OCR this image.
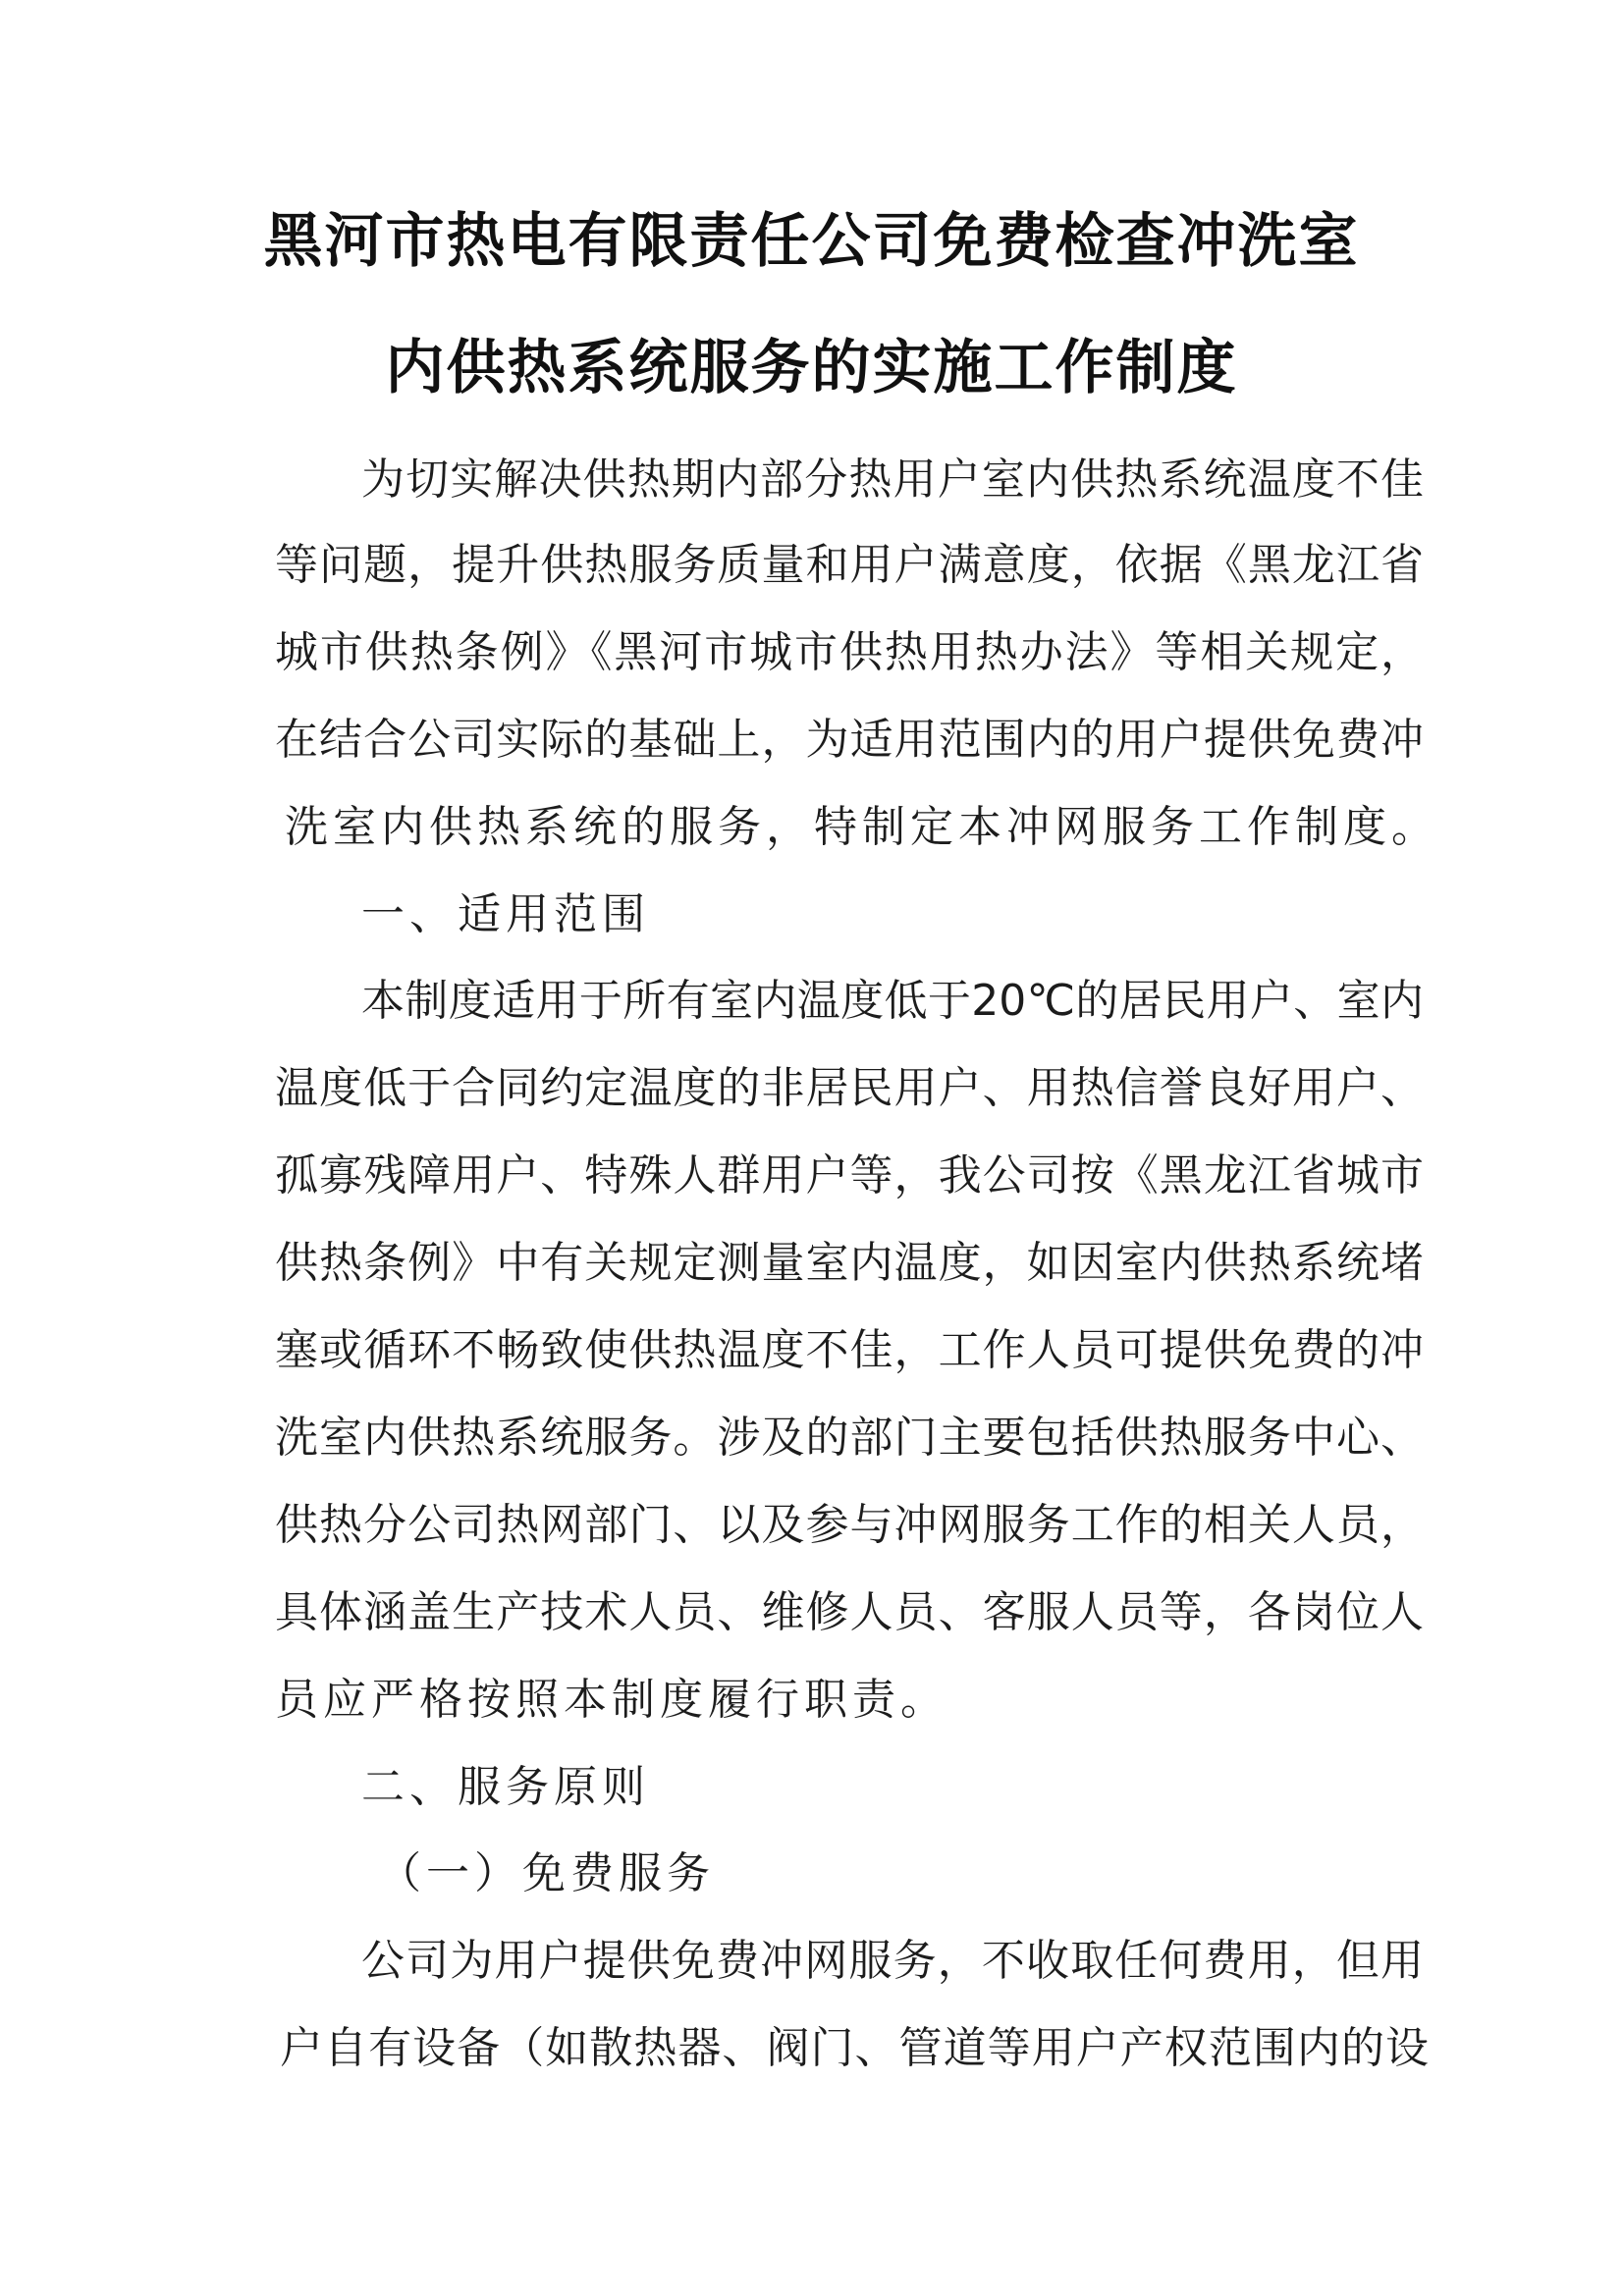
黑河市热电有限责任公司免费检查冲洗室
内供热系统服务的实施工作制度
为切实解决供热期内部分热用户室内供热系统温度不佳
等问题，提升供热服务质量和用户满意度，依据《黑龙江省
城市供热条例》《黑河市城市供热用热办法》等相关规定，
在结合公司实际的基础上，为适用范围内的用户提供免费冲
洗室内供热系统的服务，特制定本冲网服务工作制度。
一、适用范围
本制度适用于所有室内温度低于20℃的居民用户、室内
温度低于合同约定温度的非居民用户、用热信誉良好用户、
孤寡残障用户、特殊人群用户等，我公司按《黑龙江省城市
供热条例》中有关规定测量室内温度，如因室内供热系统堵
塞或循环不畅致使供热温度不佳，工作人员可提供免费的冲
洗室内供热系统服务。涉及的部门主要包括供热服务中心、
供热分公司热网部门、以及参与冲网服务工作的相关人员，
具体涵盖生产技术人员、维修人员、客服人员等，各岗位人
员应严格按照本制度履行职责。
二、服务原则
（一）免费服务
公司为用户提供免费冲网服务，不收取任何费用，但用
户自有设备（如散热器、阀门、管道等用户产权范围内的设
